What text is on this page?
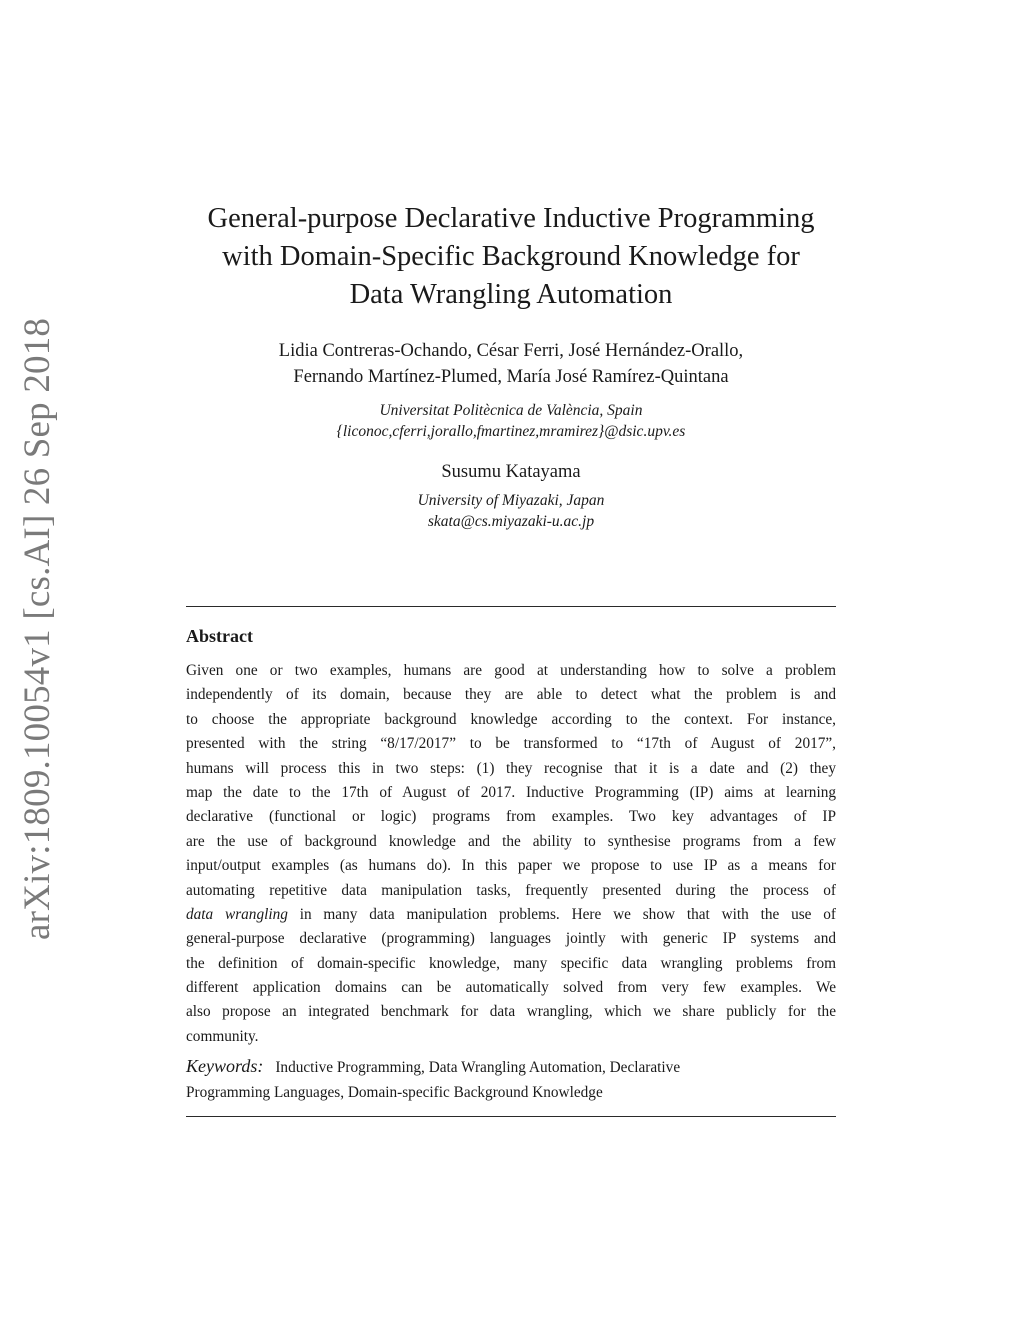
arXiv:1809.10054v1 [cs.AI] 26 Sep 2018
General-purpose Declarative Inductive Programming
with Domain-Specific Background Knowledge for
Data Wrangling Automation
Lidia Contreras-Ochando, César Ferri, José Hernández-Orallo,
Fernando Martínez-Plumed, María José Ramírez-Quintana
Universitat Politècnica de València, Spain
{liconoc,cferri,jorallo,fmartinez,mramirez}@dsic.upv.es
Susumu Katayama
University of Miyazaki, Japan
skata@cs.miyazaki-u.ac.jp
Abstract
Given one or two examples, humans are good at understanding how to solve a problem
independently of its domain, because they are able to detect what the problem is and
to choose the appropriate background knowledge according to the context. For instance,
presented with the string “8/17/2017” to be transformed to “17th of August of 2017”,
humans will process this in two steps: (1) they recognise that it is a date and (2) they
map the date to the 17th of August of 2017. Inductive Programming (IP) aims at learning
declarative (functional or logic) programs from examples. Two key advantages of IP
are the use of background knowledge and the ability to synthesise programs from a few
input/output examples (as humans do). In this paper we propose to use IP as a means for
automating repetitive data manipulation tasks, frequently presented during the process of
data wrangling in many data manipulation problems. Here we show that with the use of
general-purpose declarative (programming) languages jointly with generic IP systems and
the definition of domain-specific knowledge, many specific data wrangling problems from
different application domains can be automatically solved from very few examples. We
also propose an integrated benchmark for data wrangling, which we share publicly for the
community.
Keywords: Inductive Programming, Data Wrangling Automation, Declarative
Programming Languages, Domain-specific Background Knowledge
